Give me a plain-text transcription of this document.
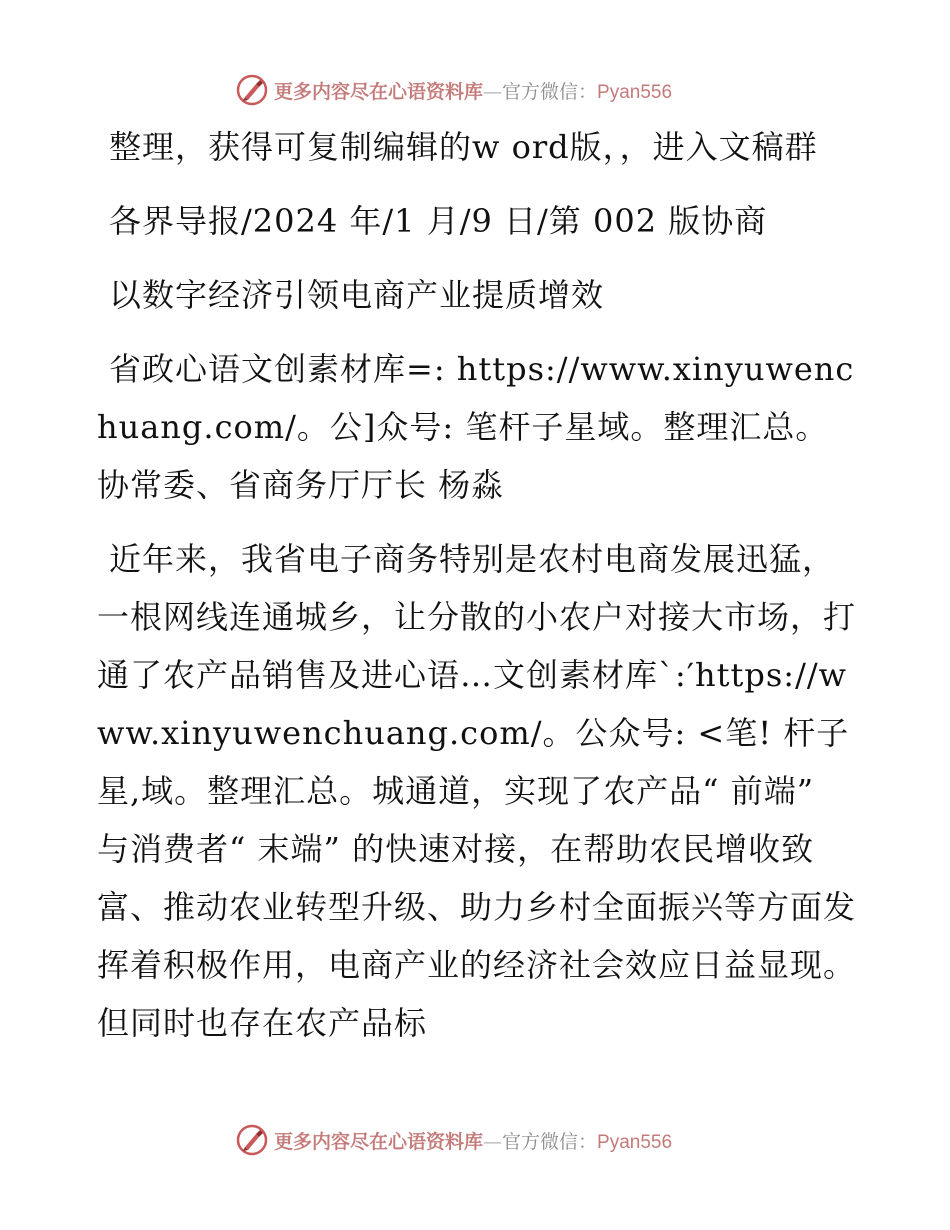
更多内容尽在心语资料库—官方微信：Pyan556

整理，获得可复制编辑的w ord版，，进入文稿群

各界导报/2024 年/1 月/9 日/第 002 版协商

以数字经济引领电商产业提质增效

省政心语文创素材库=: https://www.xinyuwenchuang.com/。公]众号: 笔杆子星域。整理汇总。协常委、省商务厅厅长 杨淼

近年来，我省电子商务特别是农村电商发展迅猛，一根网线连通城乡，让分散的小农户对接大市场，打通了农产品销售及进心语…文创素材库`:′https://www.xinyuwenchuang.com/。公众号: <笔! 杆子星,域。整理汇总。城通道，实现了农产品“ 前端” 与消费者“ 末端” 的快速对接，在帮助农民增收致富、推动农业转型升级、助力乡村全面振兴等方面发挥着积极作用，电商产业的经济社会效应日益显现。但同时也存在农产品标

更多内容尽在心语资料库—官方微信：Pyan556
